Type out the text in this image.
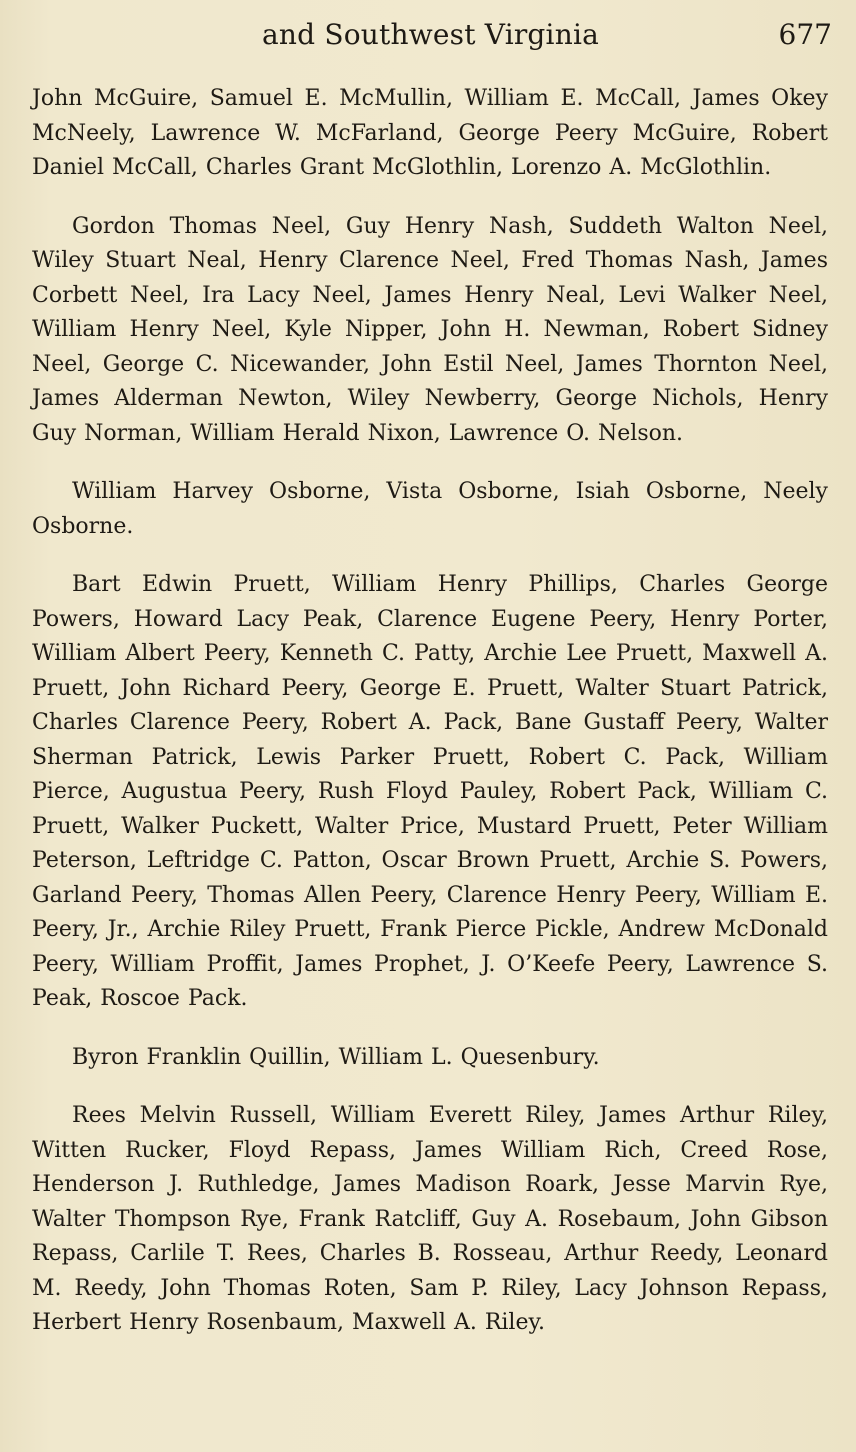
and Southwest Virginia	677

John McGuire, Samuel E. McMullin, William E. McCall, James Okey McNeely, Lawrence W. McFarland, George Peery McGuire, Robert Daniel McCall, Charles Grant McGlothlin, Lorenzo A. McGlothlin.

Gordon Thomas Neel, Guy Henry Nash, Suddeth Walton Neel, Wiley Stuart Neal, Henry Clarence Neel, Fred Thomas Nash, James Corbett Neel, Ira Lacy Neel, James Henry Neal, Levi Walker Neel, William Henry Neel, Kyle Nipper, John H. Newman, Robert Sidney Neel, George C. Nicewander, John Estil Neel, James Thornton Neel, James Alderman Newton, Wiley Newberry, George Nichols, Henry Guy Norman, William Herald Nixon, Lawrence O. Nelson.

William Harvey Osborne, Vista Osborne, Isiah Osborne, Neely Osborne.

Bart Edwin Pruett, William Henry Phillips, Charles George Powers, Howard Lacy Peak, Clarence Eugene Peery, Henry Porter, William Albert Peery, Kenneth C. Patty, Archie Lee Pruett, Maxwell A. Pruett, John Richard Peery, George E. Pruett, Walter Stuart Patrick, Charles Clarence Peery, Robert A. Pack, Bane Gustaff Peery, Walter Sherman Patrick, Lewis Parker Pruett, Robert C. Pack, William Pierce, Augustua Peery, Rush Floyd Pauley, Robert Pack, William C. Pruett, Walker Puckett, Walter Price, Mustard Pruett, Peter William Peterson, Leftridge C. Patton, Oscar Brown Pruett, Archie S. Powers, Garland Peery, Thomas Allen Peery, Clarence Henry Peery, William E. Peery, Jr., Archie Riley Pruett, Frank Pierce Pickle, Andrew McDonald Peery, William Proffit, James Prophet, J. O’Keefe Peery, Lawrence S. Peak, Roscoe Pack.

Byron Franklin Quillin, William L. Quesenbury.

Rees Melvin Russell, William Everett Riley, James Arthur Riley, Witten Rucker, Floyd Repass, James William Rich, Creed Rose, Henderson J. Ruthledge, James Madison Roark, Jesse Marvin Rye, Walter Thompson Rye, Frank Ratcliff, Guy A. Rosebaum, John Gibson Repass, Carlile T. Rees, Charles B. Rosseau, Arthur Reedy, Leonard M. Reedy, John Thomas Roten, Sam P. Riley, Lacy Johnson Repass, Herbert Henry Rosenbaum, Maxwell A. Riley.
